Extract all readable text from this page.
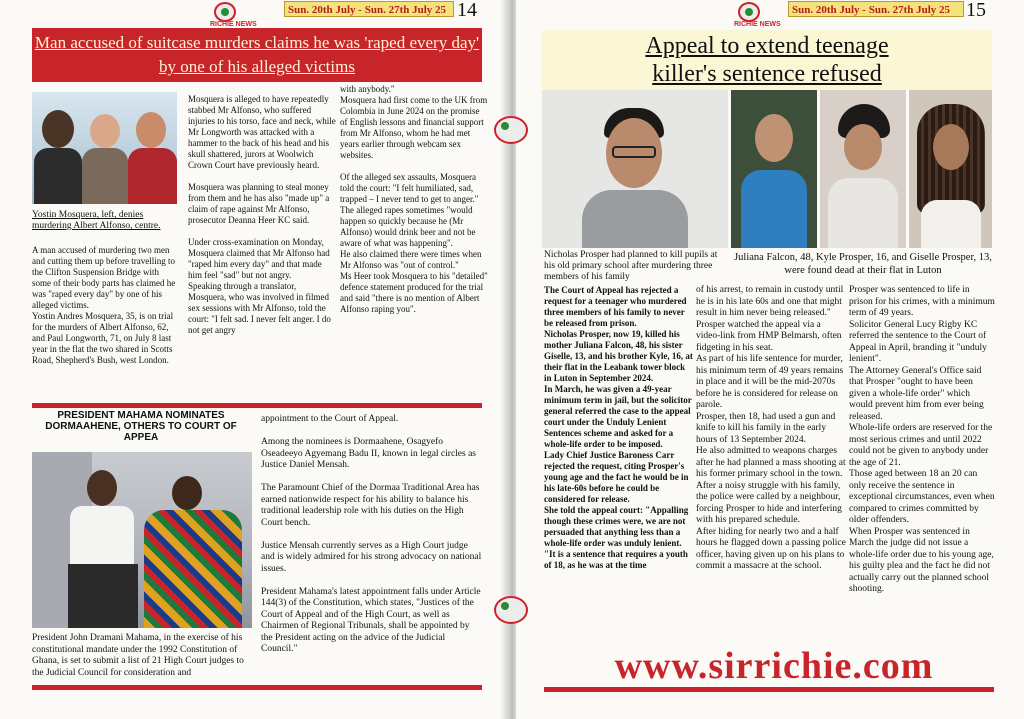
RICHIE NEWS
Sun. 20th July - Sun. 27th July 25 14
Man accused of suitcase murders claims he was 'raped every day' by one of his alleged victims
Yostin Mosquera, left, denies murdering Albert Alfonso, centre.
A man accused of murdering two men and cutting them up before travelling to the Clifton Suspension Bridge with some of their body parts has claimed he was "raped every day" by one of his alleged victims.
Yostin Andres Mosquera, 35, is on trial for the murders of Albert Alfonso, 62, and Paul Longworth, 71, on July 8 last year in the flat the two shared in Scotts Road, Shepherd's Bush, west London.
Mosquera is alleged to have repeatedly stabbed Mr Alfonso, who suffered injuries to his torso, face and neck, while Mr Longworth was attacked with a hammer to the back of his head and his skull shattered, jurors at Woolwich Crown Court have previously heard.

Mosquera was planning to steal money from them and he has also "made up" a claim of rape against Mr Alfonso, prosecutor Deanna Heer KC said.

Under cross-examination on Monday, Mosquera claimed that Mr Alfonso had "raped him every day" and that made him feel "sad" but not angry.
Speaking through a translator, Mosquera, who was involved in filmed sex sessions with Mr Alfonso, told the court: "I felt sad. I never felt anger. I do not get angry
with anybody."
Mosquera had first come to the UK from Colombia in June 2024 on the promise of English lessons and financial support from Mr Alfonso, whom he had met years earlier through webcam sex websites.

Of the alleged sex assaults, Mosquera told the court: "I felt humiliated, sad, trapped – I never tend to get to anger."
The alleged rapes sometimes "would happen so quickly because he (Mr Alfonso) would drink beer and not be aware of what was happening".
He also claimed there were times when Mr Alfonso was "out of control."
Ms Heer took Mosquera to his "detailed" defence statement produced for the trial and said "there is no mention of Albert Alfonso raping you".
PRESIDENT MAHAMA NOMINATES DORMAAHENE, OTHERS TO COURT OF APPEA
President John Dramani Mahama, in the exercise of his constitutional mandate under the 1992 Constitution of Ghana, is set to submit a list of 21 High Court judges to the Judicial Council for consideration and
appointment to the Court of Appeal.

Among the nominees is Dormaahene, Osagyefo Oseadeeyo Agyemang Badu II, known in legal circles as Justice Daniel Mensah.

The Paramount Chief of the Dormaa Traditional Area has earned nationwide respect for his ability to balance his traditional leadership role with his duties on the High Court bench.

Justice Mensah currently serves as a High Court judge and is widely admired for his strong advocacy on national issues.

President Mahama's latest appointment falls under Article 144(3) of the Constitution, which states, "Justices of the Court of Appeal and of the High Court, as well as Chairmen of Regional Tribunals, shall be appointed by the President acting on the advice of the Judicial Council."
RICHIE NEWS
Sun. 20th July - Sun. 27th July 25 15
Appeal to extend teenage
killer's sentence refused
Nicholas Prosper had planned to kill pupils at his old primary school after murdering three members of his family
Juliana Falcon, 48, Kyle Prosper, 16, and Giselle Prosper, 13, were found dead at their flat in Luton
The Court of Appeal has rejected a request for a teenager who murdered three members of his family to never be released from prison.
Nicholas Prosper, now 19, killed his mother Juliana Falcon, 48, his sister Giselle, 13, and his brother Kyle, 16, at their flat in the Leabank tower block in Luton in September 2024.
In March, he was given a 49-year minimum term in jail, but the solicitor general referred the case to the appeal court under the Unduly Lenient Sentences scheme and asked for a whole-life order to be imposed.
Lady Chief Justice Baroness Carr rejected the request, citing Prosper's young age and the fact he would be in his late-60s before he could be considered for release.
She told the appeal court: "Appalling though these crimes were, we are not persuaded that anything less than a whole-life order was unduly lenient.
"It is a sentence that requires a youth of 18, as he was at the time
of his arrest, to remain in custody until he is in his late 60s and one that might result in him never being released."
Prosper watched the appeal via a video-link from HMP Belmarsh, often fidgeting in his seat.
As part of his life sentence for murder, his minimum term of 49 years remains in place and it will be the mid-2070s before he is considered for release on parole.
Prosper, then 18, had used a gun and knife to kill his family in the early hours of 13 September 2024.
He also admitted to weapons charges after he had planned a mass shooting at his former primary school in the town.
After a noisy struggle with his family, the police were called by a neighbour, forcing Prosper to hide and interfering with his prepared schedule.
After hiding for nearly two and a half hours he flagged down a passing police officer, having given up on his plans to commit a massacre at the school.
Prosper was sentenced to life in prison for his crimes, with a minimum term of 49 years.
Solicitor General Lucy Rigby KC referred the sentence to the Court of Appeal in April, branding it "unduly lenient".
The Attorney General's Office said that Prosper "ought to have been given a whole-life order" which would prevent him from ever being released.
Whole-life orders are reserved for the most serious crimes and until 2022 could not be given to anybody under the age of 21.
Those aged between 18 an 20 can only receive the sentence in exceptional circumstances, even when compared to crimes committed by older offenders.
When Prosper was sentenced in March the judge did not issue a whole-life order due to his young age, his guilty plea and the fact he did not actually carry out the planned school shooting.
www.sirrichie.com
